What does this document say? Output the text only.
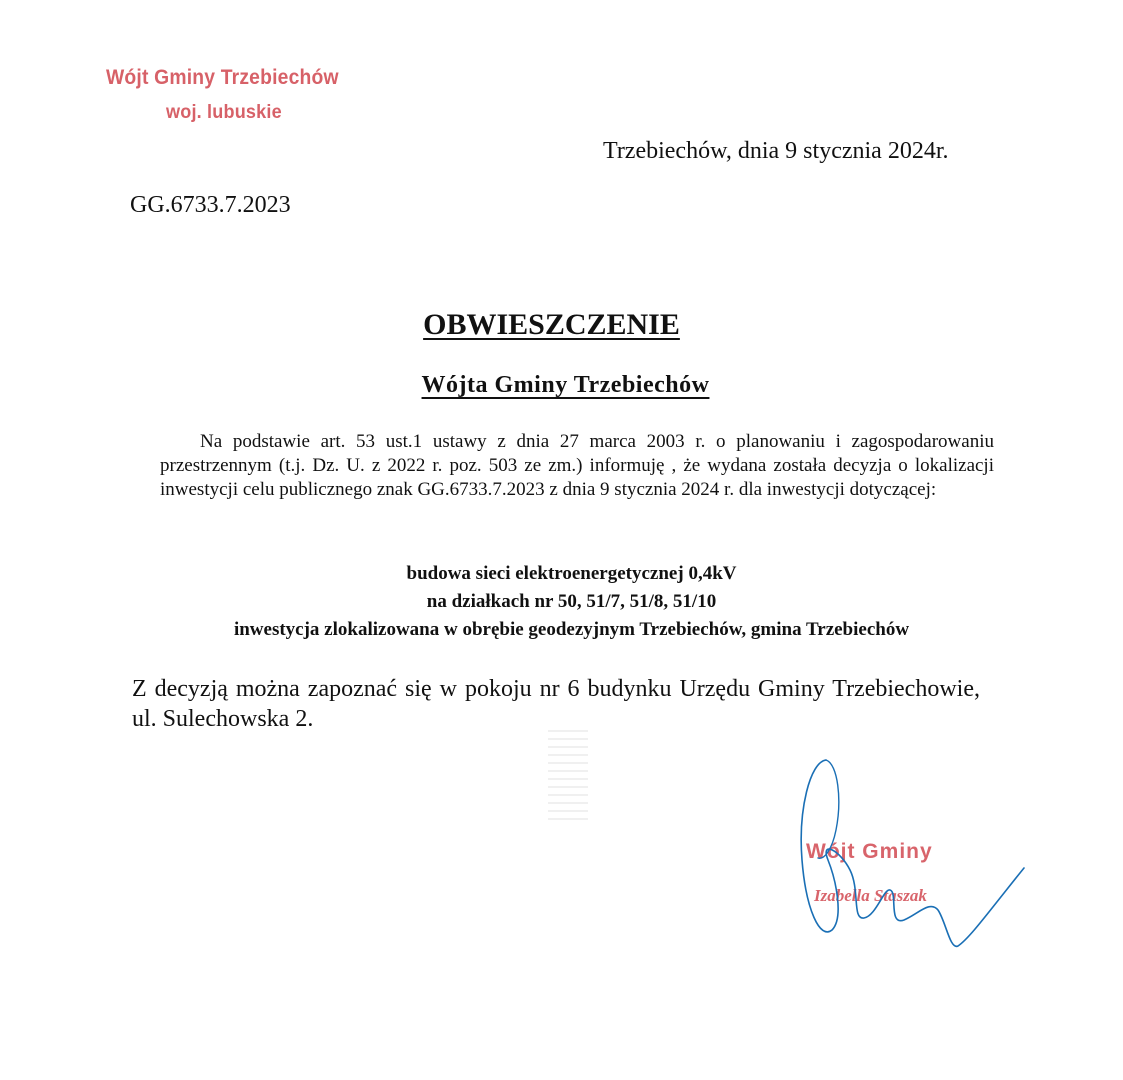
Wójt Gminy Trzebiechów
woj. lubuskie
Trzebiechów, dnia 9 stycznia 2024r.
GG.6733.7.2023
OBWIESZCZENIE
Wójta Gminy Trzebiechów
Na podstawie art. 53 ust.1 ustawy z dnia 27 marca 2003 r. o planowaniu i zagospodarowaniu przestrzennym (t.j. Dz. U. z 2022 r. poz. 503 ze zm.) informuję , że wydana została decyzja o lokalizacji inwestycji celu publicznego znak GG.6733.7.2023 z dnia 9 stycznia 2024 r. dla inwestycji dotyczącej:
budowa sieci elektroenergetycznej 0,4kV
na działkach nr 50, 51/7, 51/8, 51/10
inwestycja zlokalizowana w obrębie geodezyjnym Trzebiechów, gmina Trzebiechów
Z decyzją można zapoznać się w pokoju nr 6 budynku Urzędu Gminy Trzebiechowie, ul. Sulechowska 2.
Wójt Gminy
Izabella Staszak
